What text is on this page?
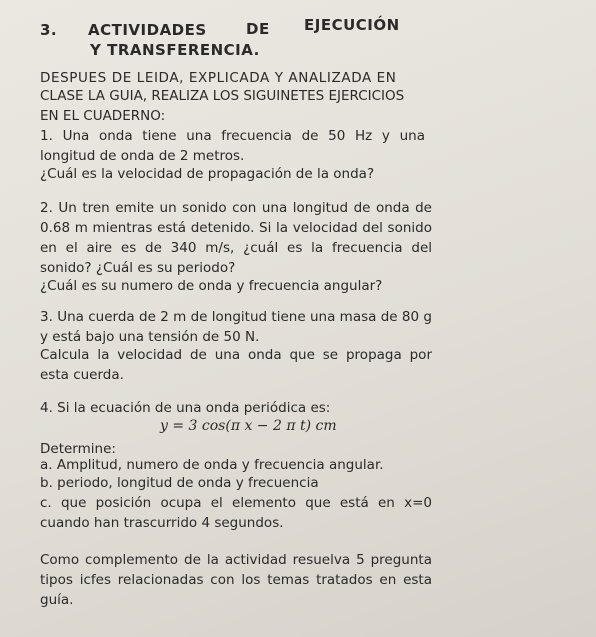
3. ACTIVIDADES	DE EJECUCIÓN
Y TRANSFERENCIA.
DESPUES DE LEIDA, EXPLICADA Y ANALIZADA EN
CLASE LA GUIA, REALIZA LOS SIGUINETES EJERCICIOS
EN EL CUADERNO:
1. Una onda tiene una frecuencia de 50 Hz y una longitud de onda de 2 metros.
¿Cuál es la velocidad de propagación de la onda?
2. Un tren emite un sonido con una longitud de onda de 0.68 m mientras está detenido. Si la velocidad del sonido en el aire es de 340 m/s, ¿cuál es la frecuencia del sonido? ¿Cuál es su periodo?
¿Cuál es su numero de onda y frecuencia angular?
3. Una cuerda de 2 m de longitud tiene una masa de 80 g y está bajo una tensión de 50 N.
Calcula la velocidad de una onda que se propaga por esta cuerda.
4. Si la ecuación de una onda periódica es:
y = 3 cos(π x − 2 π t) cm
Determine:
a. Amplitud, numero de onda y frecuencia angular.
b. periodo, longitud de onda y frecuencia
c. que posición ocupa el elemento que está en x=0 cuando han trascurrido 4 segundos.
Como complemento de la actividad resuelva 5 pregunta tipos icfes relacionadas con los temas tratados en esta guía.
